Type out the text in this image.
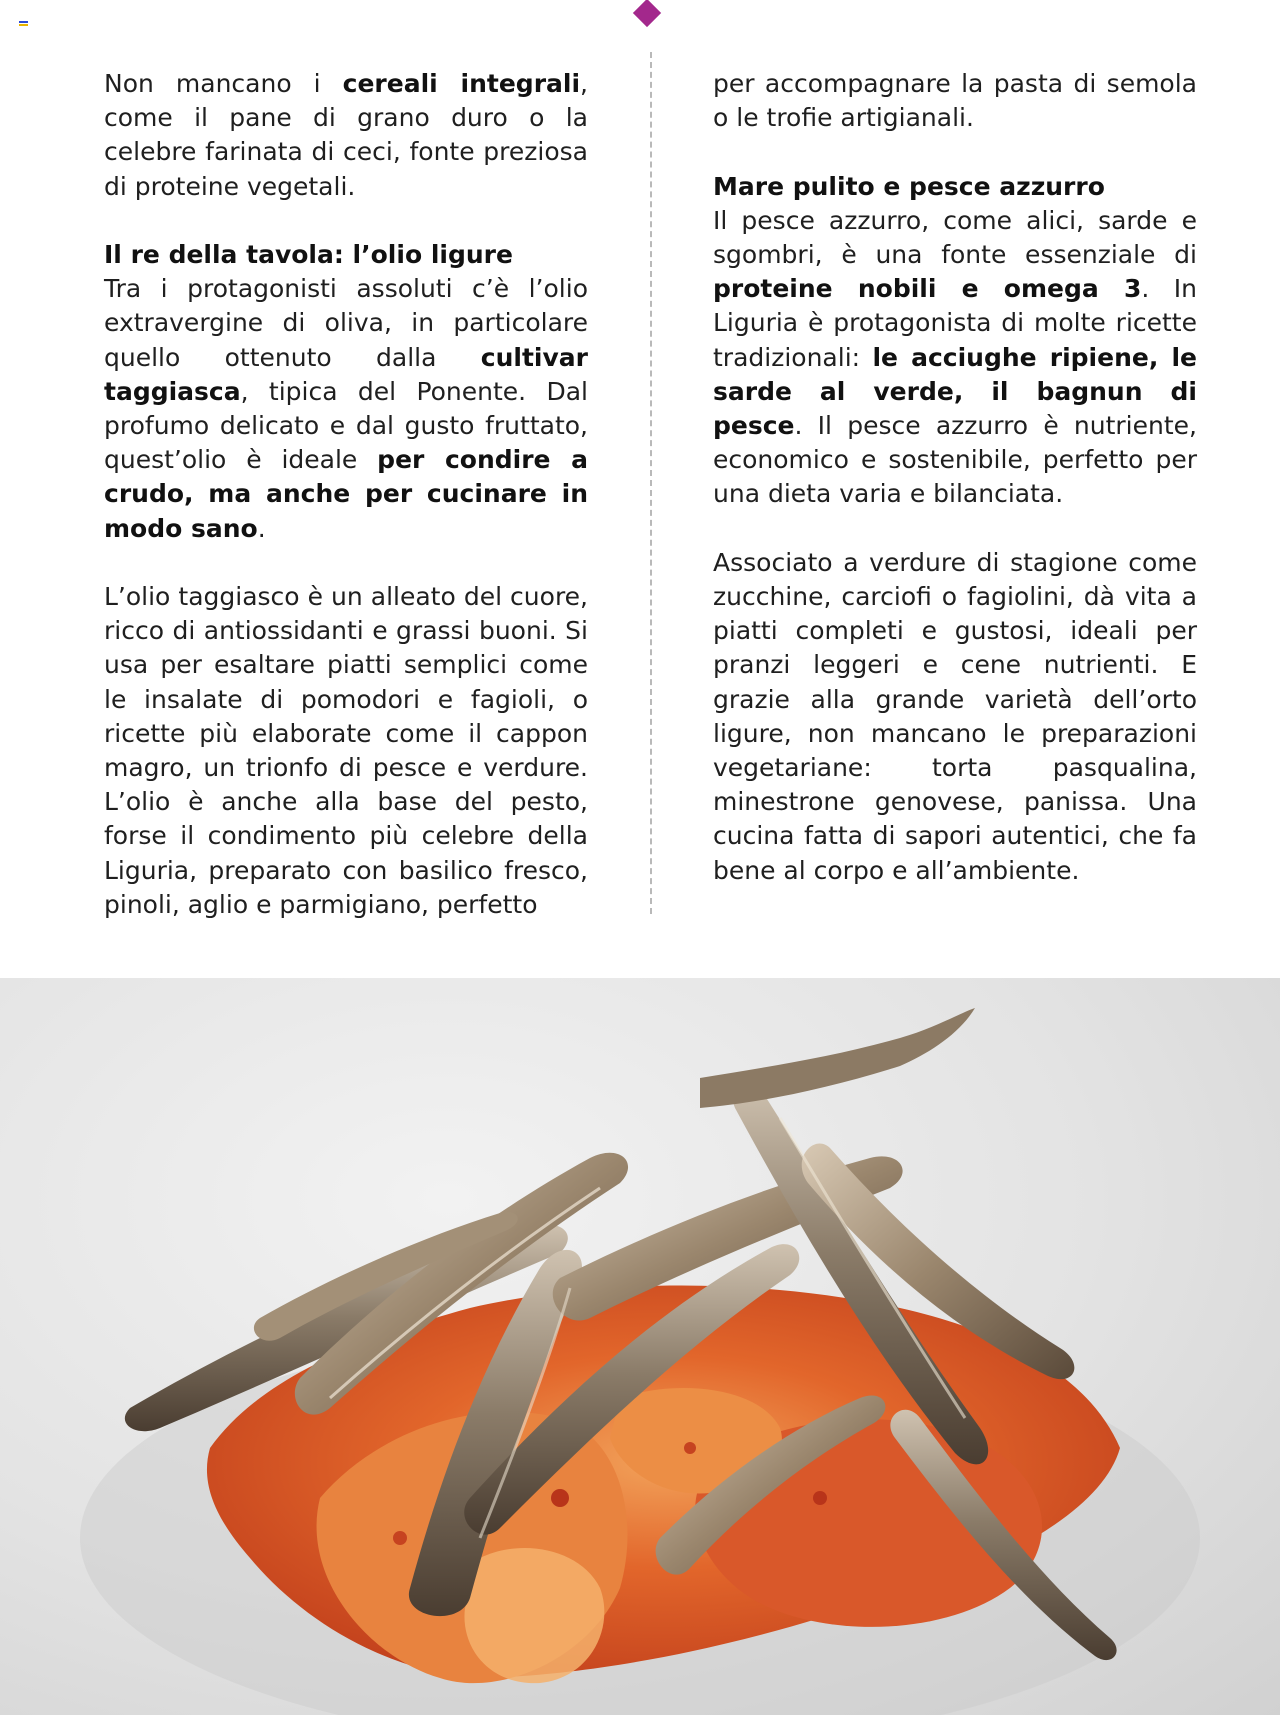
Non mancano i cereali integrali, come il pane di grano duro o la celebre farinata di ceci, fonte preziosa di proteine vegetali.

Il re della tavola: l’olio ligure

Tra i protagonisti assoluti c’è l’olio extravergine di oliva, in particolare quello ottenuto dalla cultivar taggiasca, tipica del Ponente. Dal profumo delicato e dal gusto fruttato, quest’olio è ideale per condire a crudo, ma anche per cucinare in modo sano.

L’olio taggiasco è un alleato del cuore, ricco di antiossidanti e grassi buoni. Si usa per esaltare piatti semplici come le insalate di pomodori e fagioli, o ricette più elaborate come il cappon magro, un trionfo di pesce e verdure. L’olio è anche alla base del pesto, forse il condimento più celebre della Liguria, preparato con basilico fresco, pinoli, aglio e parmigiano, perfetto

per accompagnare la pasta di semola o le trofie artigianali.

Mare pulito e pesce azzurro

Il pesce azzurro, come alici, sarde e sgombri, è una fonte essenziale di proteine nobili e omega 3. In Liguria è protagonista di molte ricette tradizionali: le acciughe ripiene, le sarde al verde, il bagnun di pesce. Il pesce azzurro è nutriente, economico e sostenibile, perfetto per una dieta varia e bilanciata.

Associato a verdure di stagione come zucchine, carciofi o fagiolini, dà vita a piatti completi e gustosi, ideali per pranzi leggeri e cene nutrienti. E grazie alla grande varietà dell’orto ligure, non mancano le preparazioni vegetariane: torta pasqualina, minestrone genovese, panissa. Una cucina fatta di sapori autentici, che fa bene al corpo e all’ambiente.
